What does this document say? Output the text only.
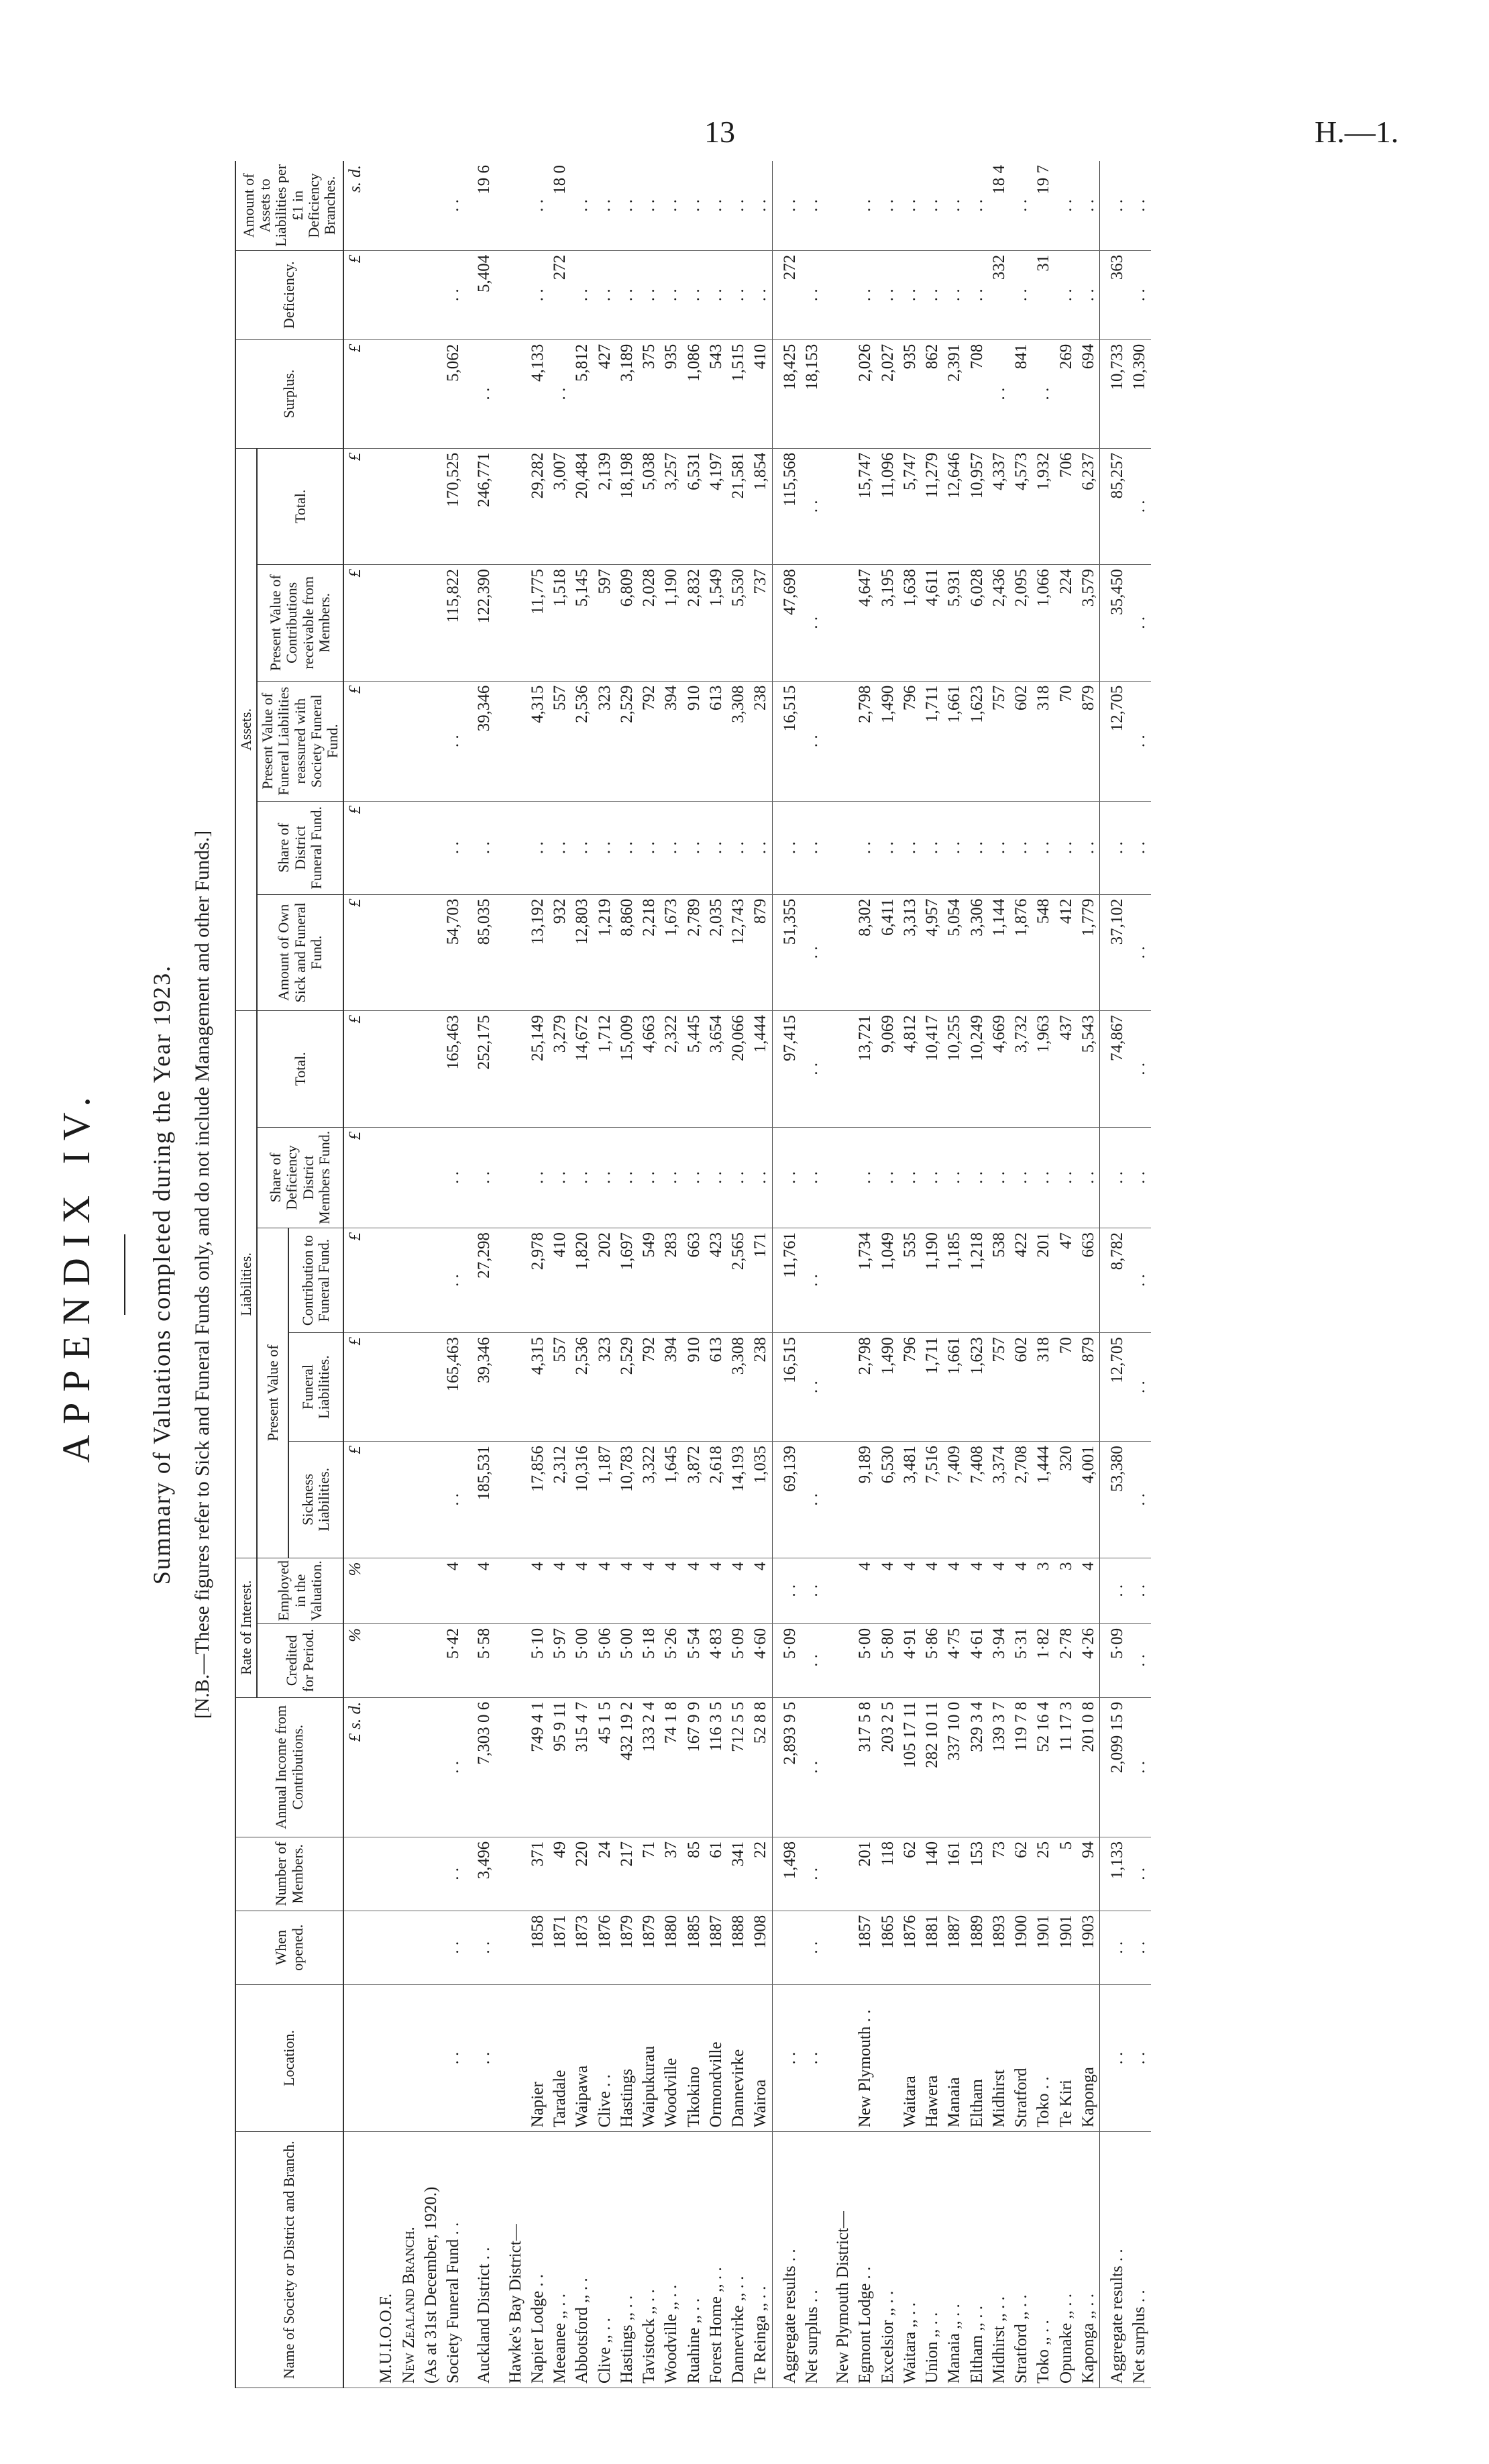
13	H.—1.
APPENDIX IV. Summary of Valuations completed during the Year 1923. [N.B.—These figures refer to Sick and Funeral Funds only, and do not include Management and other Funds.]
Name of Society or District and Branch.	Location.	When opened.	Number of Members.	Annual Income from Contributions.	Rate of Interest.		Liabilities.					Assets.					Surplus.	Deficiency.	Amount of Assets to Liabilities per £1 in Deficiency Branches.
					Credited for Period.	Employed in the Valuation.	Present Value of			Share of Deficiency District Members Fund.	Total.	Amount of Own Sick and Funeral Fund.	Share of District Funeral Fund.	Present Value of Funeral Liabilities reassured with Society Funeral Fund.	Present Value of Contributions receivable from Members.	Total.			
							Sickness Liabilities.	Funeral Liabilities.	Contribution to Funeral Fund.										
				£ s. d.	%	%	£	£	£	£	£	£	£	£	£	£	£	£	s. d.
M.U.I.O.O.F.																			
New Zealand Branch.																			
(As at 31st December, 1920.)																			
Society Funeral Fund . .	. .	. .	. .	. .	5·42	4	. .	165,463	. .	. .	165,463	54,703	. .	. .	115,822	170,525	5,062	. .	. .
Auckland District . .	. .	. .	3,496	7,303 0 6	5·58	4	185,531	39,346	27,298	. .	252,175	85,035	. .	39,346	122,390	246,771	. .	5,404	19 6
Hawke's Bay District—																			
Napier Lodge . .	Napier	1858	371	749 4 1	5·10	4	17,856	4,315	2,978	. .	25,149	13,192	. .	4,315	11,775	29,282	4,133	. .	. .
Meeanee ,, . .	Taradale	1871	49	95 9 11	5·97	4	2,312	557	410	. .	3,279	932	. .	557	1,518	3,007	. .	272	18 0
Abbotsford ,, . .	Waipawa	1873	220	315 4 7	5·00	4	10,316	2,536	1,820	. .	14,672	12,803	. .	2,536	5,145	20,484	5,812	. .	. .
Clive ,, . .	Clive . .	1876	24	45 1 5	5·06	4	1,187	323	202	. .	1,712	1,219	. .	323	597	2,139	427	. .	. .
Hastings ,, . .	Hastings	1879	217	432 19 2	5·00	4	10,783	2,529	1,697	. .	15,009	8,860	. .	2,529	6,809	18,198	3,189	. .	. .
Tavistock ,, . .	Waipukurau	1879	71	133 2 4	5·18	4	3,322	792	549	. .	4,663	2,218	. .	792	2,028	5,038	375	. .	. .
Woodville ,, . .	Woodville	1880	37	74 1 8	5·26	4	1,645	394	283	. .	2,322	1,673	. .	394	1,190	3,257	935	. .	. .
Ruahine ,, . .	Tikokino	1885	85	167 9 9	5·54	4	3,872	910	663	. .	5,445	2,789	. .	910	2,832	6,531	1,086	. .	. .
Forest Home ,, . .	Ormondville	1887	61	116 3 5	4·83	4	2,618	613	423	. .	3,654	2,035	. .	613	1,549	4,197	543	. .	. .
Dannevirke ,, . .	Dannevirke	1888	341	712 5 5	5·09	4	14,193	3,308	2,565	. .	20,066	12,743	. .	3,308	5,530	21,581	1,515	. .	. .
Te Reinga ,, . .	Wairoa	1908	22	52 8 8	4·60	4	1,035	238	171	. .	1,444	879	. .	238	737	1,854	410	. .	. .
Aggregate results . .	. .		1,498	2,893 9 5	5·09	. .	69,139	16,515	11,761	. .	97,415	51,355	. .	16,515	47,698	115,568	18,425	272	. .
Net surplus . .	. .	. .	. .	. .	. .	. .	. .	. .	. .	. .	. .	. .	. .	. .	. .	. .	18,153	. .	. .
New Plymouth District—																			
Egmont Lodge . .	New Plymouth . .	1857	201	317 5 8	5·00	4	9,189	2,798	1,734	. .	13,721	8,302	. .	2,798	4,647	15,747	2,026	. .	. .
Excelsior ,, . .		1865	118	203 2 5	5·80	4	6,530	1,490	1,049	. .	9,069	6,411	. .	1,490	3,195	11,096	2,027	. .	. .
Waitara ,, . .	Waitara	1876	62	105 17 11	4·91	4	3,481	796	535	. .	4,812	3,313	. .	796	1,638	5,747	935	. .	. .
Union ,, . .	Hawera	1881	140	282 10 11	5·86	4	7,516	1,711	1,190	. .	10,417	4,957	. .	1,711	4,611	11,279	862	. .	. .
Manaia ,, . .	Manaia	1887	161	337 10 0	4·75	4	7,409	1,661	1,185	. .	10,255	5,054	. .	1,661	5,931	12,646	2,391	. .	. .
Eltham ,, . .	Eltham	1889	153	329 3 4	4·61	4	7,408	1,623	1,218	. .	10,249	3,306	. .	1,623	6,028	10,957	708	. .	. .
Midhirst ,, . .	Midhirst	1893	73	139 3 7	3·94	4	3,374	757	538	. .	4,669	1,144	. .	757	2,436	4,337	. .	332	18 4
Stratford ,, . .	Stratford	1900	62	119 7 8	5·31	4	2,708	602	422	. .	3,732	1,876	. .	602	2,095	4,573	841	. .	. .
Toko ,, . .	Toko . .	1901	25	52 16 4	1·82	3	1,444	318	201	. .	1,963	548	. .	318	1,066	1,932	. .	31	19 7
Opunake ,, . .	Te Kiri	1901	5	11 17 3	2·78	3	320	70	47	. .	437	412	. .	70	224	706	269	. .	. .
Kaponga ,, . .	Kaponga	1903	94	201 0 8	4·26	4	4,001	879	663	. .	5,543	1,779	. .	879	3,579	6,237	694	. .	. .
Aggregate results . .	. .	. .	1,133	2,099 15 9	5·09	. .	53,380	12,705	8,782	. .	74,867	37,102	. .	12,705	35,450	85,257	10,733	363	. .
Net surplus . .	. .	. .	. .	. .	. .	. .	. .	. .	. .	. .	. .	. .	. .	. .	. .	. .	10,390	. .	. .
